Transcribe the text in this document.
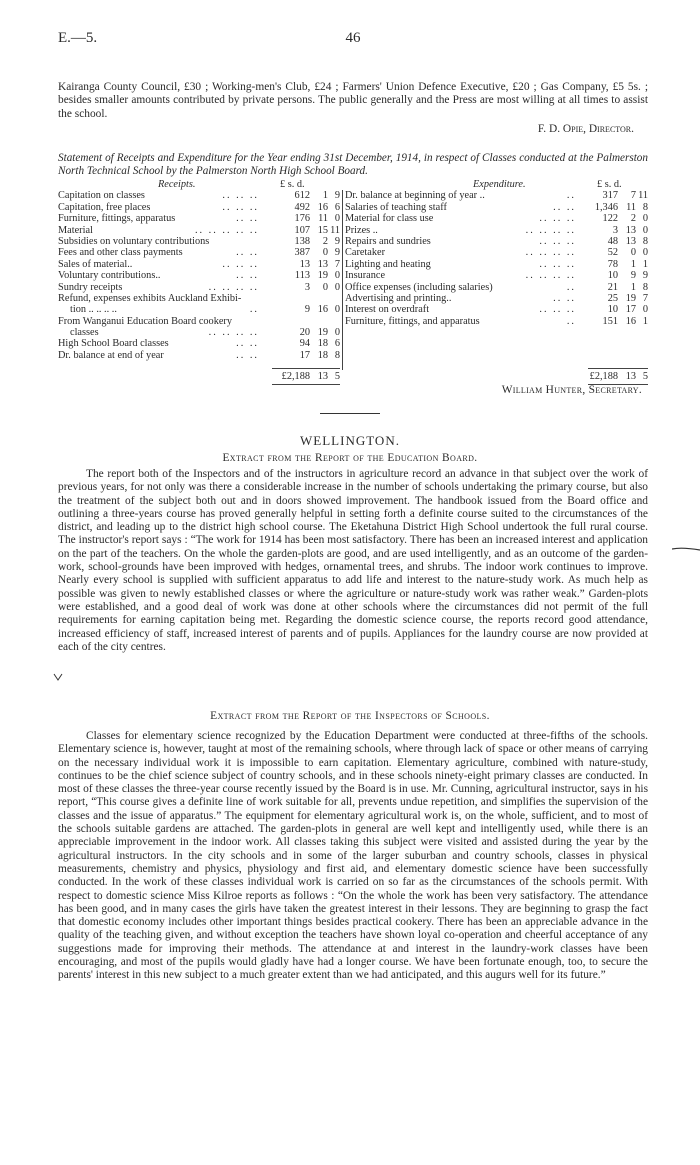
E.—5.	46

Kairanga County Council, £30 ; Working-men's Club, £24 ; Farmers' Union Defence Executive, £20 ; Gas Company, £5 5s. ; besides smaller amounts contributed by private persons. The public generally and the Press are most willing at all times to assist the school.

F. D. Opie, Director.

Statement of Receipts and Expenditure for the Year ending 31st December, 1914, in respect of Classes conducted at the Palmerston North Technical School by the Palmerston North High School Board.

Receipts.	£ s. d.
Capitation on classes	.. .. ..	612	1 9
Capitation, free places	.. .. ..	492 16 6
Furniture, fittings, apparatus	.. ..	176 11 0
Material	.. .. .. .. ..	107 15 11
Subsidies on voluntary contributions	138	2 9
Fees and other class payments	.. ..	387	0 9
Sales of material..	.. .. ..	13 13 7
Voluntary contributions..	.. ..	113 19 0
Sundry receipts	.. .. .. ..	3	0 0
Refund, expenses exhibits Auckland Exhibi-
tion .. .. .. ..	..	9 16 0
From Wanganui Education Board cookery
classes	.. .. .. ..	20 19 0
High School Board classes	.. ..	94 18 6
Dr. balance at end of year	.. ..	17 18 8
£2,188 13 5
Expenditure.	£ s. d.
Dr. balance at beginning of year ..	..	317	7 11
Salaries of teaching staff	.. ..	1,346 11 8
Material for class use	.. .. ..	122	2 0
Prizes ..	.. .. .. ..	3 13 0
Repairs and sundries	.. .. ..	48 13 8
Caretaker	.. .. .. ..	52	0 0
Lighting and heating	.. .. ..	78	1 1
Insurance	.. .. .. ..	10	9 9
Office expenses (including salaries)	..	21	1 8
Advertising and printing..	.. ..	25 19 7
Interest on overdraft	.. .. ..	10 17 0
Furniture, fittings, and apparatus	..	151 16 1
£2,188 13 5
William Hunter, Secretary.
WELLINGTON.
Extract from the Report of the Education Board.

The report both of the Inspectors and of the instructors in agriculture record an advance in that subject over the work of previous years, for not only was there a considerable increase in the number of schools undertaking the primary course, but also the treatment of the subject both out and in doors showed improvement. The handbook issued from the Board office and outlining a three-years course has proved generally helpful in setting forth a definite course suited to the circumstances of the district, and leading up to the district high school course. The Eketahuna District High School undertook the full rural course. The instructor's report says : “The work for 1914 has been most satisfactory. There has been an increased interest and application on the part of the teachers. On the whole the garden-plots are good, and are used intelligently, and as an outcome of the garden-work, school-grounds have been improved with hedges, ornamental trees, and shrubs. The indoor work continues to improve. Nearly every school is supplied with sufficient apparatus to add life and interest to the nature-study work. As much help as possible was given to newly established classes or where the agriculture or nature-study work was rather weak.” Garden-plots were established, and a good deal of work was done at other schools where the circumstances did not permit of the full requirements for earning capitation being met. Regarding the domestic science course, the reports record good attendance, increased efficiency of staff, increased interest of parents and of pupils. Appliances for the laundry course are now provided at each of the city centres.

Extract from the Report of the Inspectors of Schools.

Classes for elementary science recognized by the Education Department were conducted at three-fifths of the schools. Elementary science is, however, taught at most of the remaining schools, where through lack of space or other means of carrying on the necessary individual work it is impossible to earn capitation. Elementary agriculture, combined with nature-study, continues to be the chief science subject of country schools, and in these schools ninety-eight primary classes are conducted. In most of these classes the three-year course recently issued by the Board is in use. Mr. Cunning, agricultural instructor, says in his report, “This course gives a definite line of work suitable for all, prevents undue repetition, and simplifies the supervision of the classes and the issue of apparatus.” The equipment for elementary agricultural work is, on the whole, sufficient, and to most of the schools suitable gardens are attached. The garden-plots in general are well kept and intelligently used, while there is an appreciable improvement in the indoor work. All classes taking this subject were visited and assisted during the year by the agricultural instructors. In the city schools and in some of the larger suburban and country schools, classes in physical measurements, chemistry and physics, physiology and first aid, and elementary domestic science have been successfully conducted. In the work of these classes individual work is carried on so far as the circumstances of the schools permit. With respect to domestic science Miss Kilroe reports as follows : “On the whole the work has been very satisfactory. The attendance has been good, and in many cases the girls have taken the greatest interest in their lessons. They are beginning to grasp the fact that domestic economy includes other important things besides practical cookery. There has been an appreciable advance in the quality of the teaching given, and without exception the teachers have shown loyal co-operation and cheerful acceptance of any suggestions made for improving their methods. The attendance at and interest in the laundry-work classes have been encouraging, and most of the pupils would gladly have had a longer course. We have been fortunate enough, too, to secure the parents' interest in this new subject to a much greater extent than we had anticipated, and this augurs well for its future.”
